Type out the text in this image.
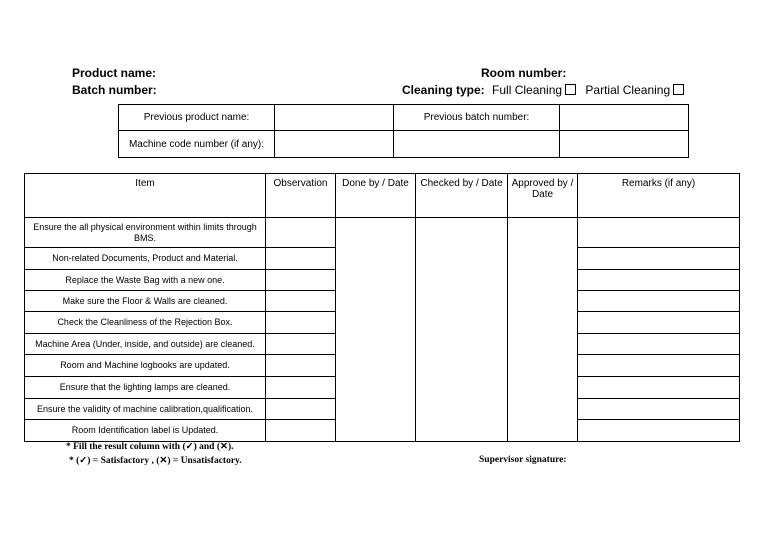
Product name:
Batch number:
Room number:
Cleaning type: Full Cleaning Partial Cleaning
Previous product name:		Previous batch number:	
Machine code number (if any):			
Item	Observation	Done by / Date	Checked by / Date	Approved by / Date	Remarks (if any)
Ensure the all physical environment within limits through BMS.					
Non-related Documents, Product and Material.					
Replace the Waste Bag with a new one.					
Make sure the Floor & Walls are cleaned.					
Check the Cleanliness of the Rejection Box.					
Machine Area (Under, inside, and outside) are cleaned.					
Room and Machine logbooks are updated.					
Ensure that the lighting lamps are cleaned.					
Ensure the validity of machine calibration,qualification.					
Room Identification label is Updated.					
* Fill the result column with (✓) and (✕).
* (✓) = Satisfactory , (✕) = Unsatisfactory.	Supervisor signature:
